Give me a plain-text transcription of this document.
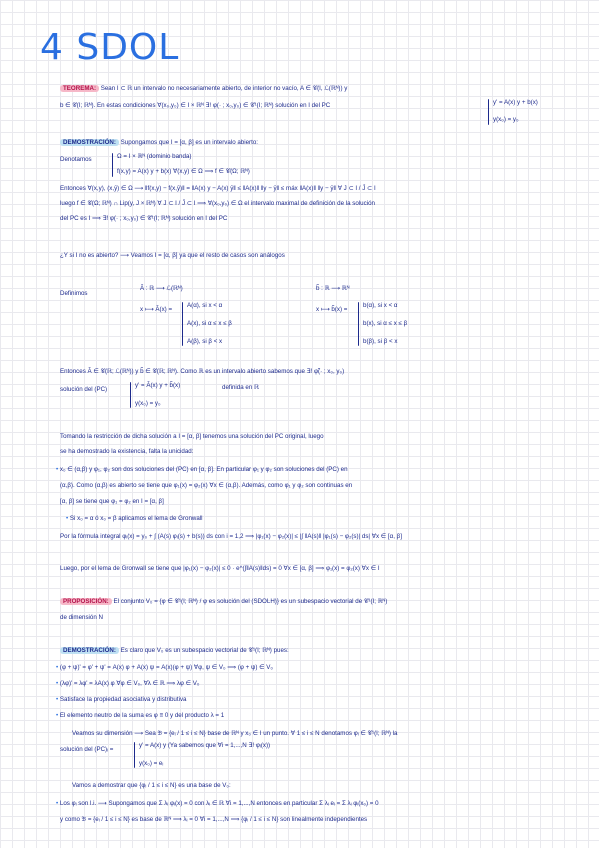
4 SDOL
TEOREMA: Sean I ⊂ ℝ un intervalo no necesariamente abierto, de interior no vacío, A ∈ 𝒞(I, ℒ(ℝᴺ)) y
b ∈ 𝒞(I; ℝᴺ). En estas condiciones ∀(x₀,y₀) ∈ I × ℝᴺ ∃! φ(· ; x₀,y₀) ∈ 𝒞¹(I; ℝᴺ) solución en I del PC	y' = A(x) y + b(x)
y(x₀) = y₀
DEMOSTRACIÓN: Supongamos que I = [α, β] es un intervalo abierto:
Denotamos	Ω = I × ℝᴺ (dominio banda)
f(x,y) = A(x) y + b(x) ∀(x,y) ∈ Ω ⟹ f ∈ 𝒞(Ω; ℝᴺ)
Entonces ∀(x,y), (x,ȳ) ∈ Ω ⟶ ‖f(x,y) − f(x,ȳ)‖ = ‖A(x) y − A(x) ȳ‖ ≤ ‖A(x)‖ ‖y − ȳ‖ ≤ máx ‖A(x)‖ ‖y − ȳ‖ ∀ J ⊂ I / J̄ ⊂ I
luego f ∈ 𝒞(Ω; ℝᴺ) ∩ Lip(y, J × ℝᴺ) ∀ J ⊂ I / J̄ ⊂ I ⟹ ∀(x₀,y₀) ∈ Ω el intervalo maximal de definición de la solución
del PC es I ⟹ ∃! φ(· ; x₀,y₀) ∈ 𝒞¹(I; ℝᴺ) solución en I del PC
¿Y si I no es abierto? ⟶ Veamos I = [α, β] ya que el resto de casos son análogos
Definimos
Ã : ℝ ⟶ ℒ(ℝᴺ)
x ⟼ Ã(x) =
A(α), si x < α
A(x), si α ≤ x ≤ β
A(β), si β < x
b̃ : ℝ ⟶ ℝᴺ
x ⟼ b̃(x) =
b(α), si x < α
b(x), si α ≤ x ≤ β
b(β), si β < x
Entonces Ã ∈ 𝒞(ℝ; ℒ(ℝᴺ)) y b̃ ∈ 𝒞(ℝ; ℝᴺ). Como ℝ es un intervalo abierto sabemos que ∃! φ̃(· ; x₀, y₀)
solución del (PC)
y' = Ã(x) y + b̃(x)
y(x₀) = y₀
definida en ℝ
Tomando la restricción de dicha solución a I = [α, β] tenemos una solución del PC original, luego
se ha demostrado la existencia, falta la unicidad:
• x₀ ∈ (α,β) y φ₁, φ₂ son dos soluciones del (PC) en [α, β]. En particular φ₁ y φ₂ son soluciones del (PC) en
(α,β). Como (α,β) es abierto se tiene que φ₁(x) = φ₂(x) ∀x ∈ (α,β). Además, como φ₁ y φ₂ son continuas en
[α, β] se tiene que φ₁ = φ₂ en I = [α, β]
• Si x₀ = α ó x₀ = β aplicamos el lema de Gronwall
Por la fórmula integral φᵢ(x) = y₀ + ∫ (A(s) φᵢ(s) + b(s)) ds con i = 1,2 ⟹ |φ₁(x) − φ₂(x)| ≤ |∫ ‖A(s)‖ |φ₁(s) − φ₂(s)| ds| ∀x ∈ [α, β]
Luego, por el lema de Gronwall se tiene que |φ₁(x) − φ₂(x)| ≤ 0 · e^(∫‖A(s)‖ds) = 0 ∀x ∈ [α, β] ⟹ φ₁(x) = φ₂(x) ∀x ∈ I
PROPOSICIÓN: El conjunto V₀ = {φ ∈ 𝒞¹(I; ℝᴺ) / φ es solución del (SDOLH)} es un subespacio vectorial de 𝒞¹(I; ℝᴺ)
de dimensión N
DEMOSTRACIÓN: Es claro que V₀ es un subespacio vectorial de 𝒞¹(I; ℝᴺ) pues:
• (φ + ψ)' = φ' + ψ' = A(x) φ + A(x) ψ = A(x)(φ + ψ) ∀φ, ψ ∈ V₀ ⟹ (φ + ψ) ∈ V₀
• (λφ)' = λφ' = λA(x) φ ∀φ ∈ V₀, ∀λ ∈ ℝ ⟹ λφ ∈ V₀
• Satisface la propiedad asociativa y distributiva
• El elemento neutro de la suma es φ ≡ 0 y del producto λ = 1
Veamos su dimensión ⟶ Sea 𝔅 = {eᵢ / 1 ≤ i ≤ N} base de ℝᴺ y x₀ ∈ I un punto. ∀ 1 ≤ i ≤ N denotamos φᵢ ∈ 𝒞¹(I; ℝᴺ) la
solución del (PC)ᵢ =
y' = A(x) y (Ya sabemos que ∀i = 1,...,N ∃! φᵢ(x))
y(x₀) = eᵢ
Vamos a demostrar que {φᵢ / 1 ≤ i ≤ N} es una base de V₀:
• Los φᵢ son l.i. ⟶ Supongamos que Σ λᵢ φᵢ(x) = 0 con λᵢ ∈ ℝ ∀i = 1,...,N entonces en particular Σ λᵢ eᵢ = Σ λᵢ φᵢ(x₀) = 0
y como 𝔅 = {eᵢ / 1 ≤ i ≤ N} es base de ℝᴺ ⟹ λᵢ = 0 ∀i = 1,...,N ⟹ {φᵢ / 1 ≤ i ≤ N} son linealmente independientes
